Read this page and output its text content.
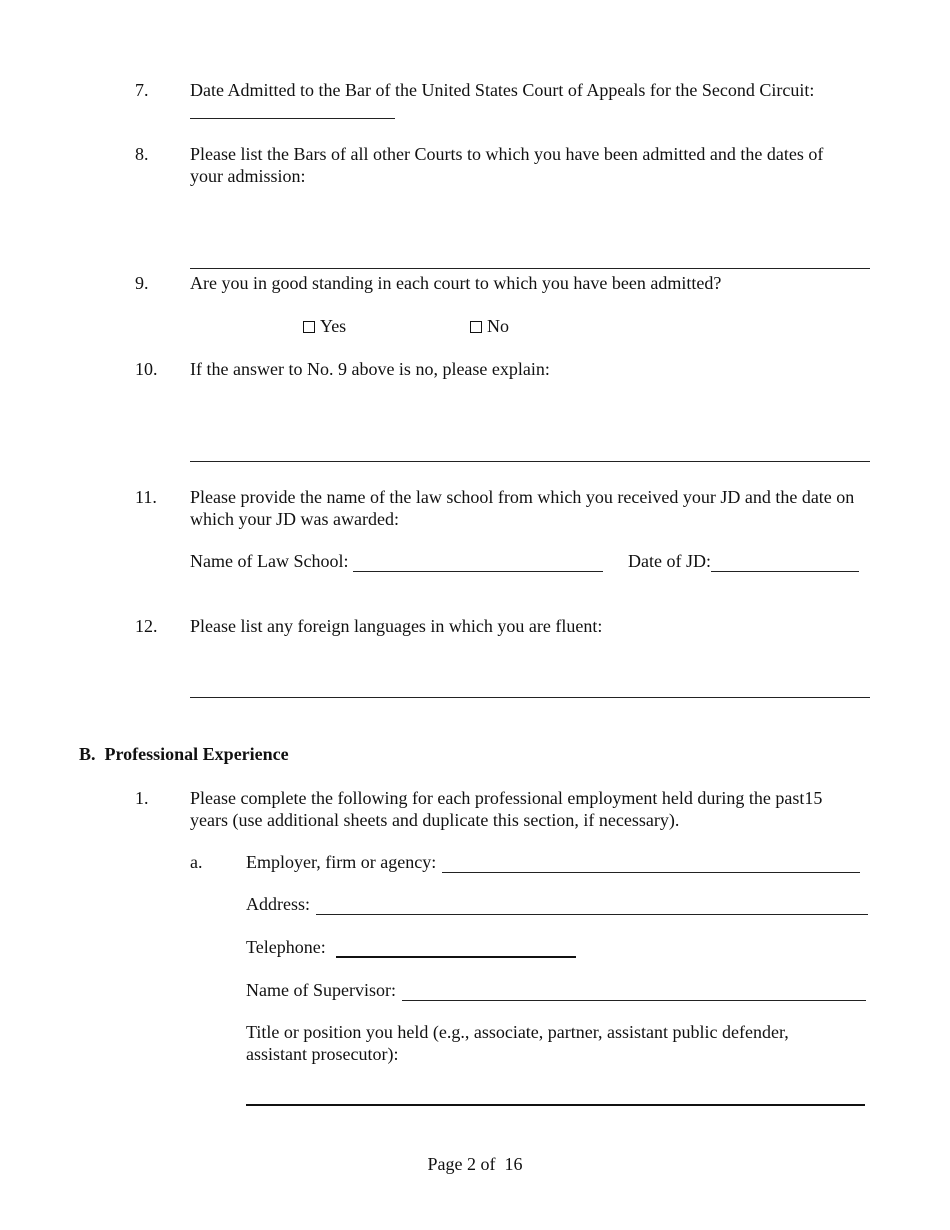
7. Date Admitted to the Bar of the United States Court of Appeals for the Second Circuit:
8. Please list the Bars of all other Courts to which you have been admitted and the dates of your admission:
9. Are you in good standing in each court to which you have been admitted?
Yes	No
10. If the answer to No. 9 above is no, please explain:
11. Please provide the name of the law school from which you received your JD and the date on which your JD was awarded:
Name of Law School:	Date of JD:
12. Please list any foreign languages in which you are fluent:
B.  Professional Experience
1. Please complete the following for each professional employment held during the past15 years (use additional sheets and duplicate this section, if necessary).
a. Employer, firm or agency:
Address:
Telephone:
Name of Supervisor:
Title or position you held (e.g., associate, partner, assistant public defender, assistant prosecutor):
Page 2 of  16
